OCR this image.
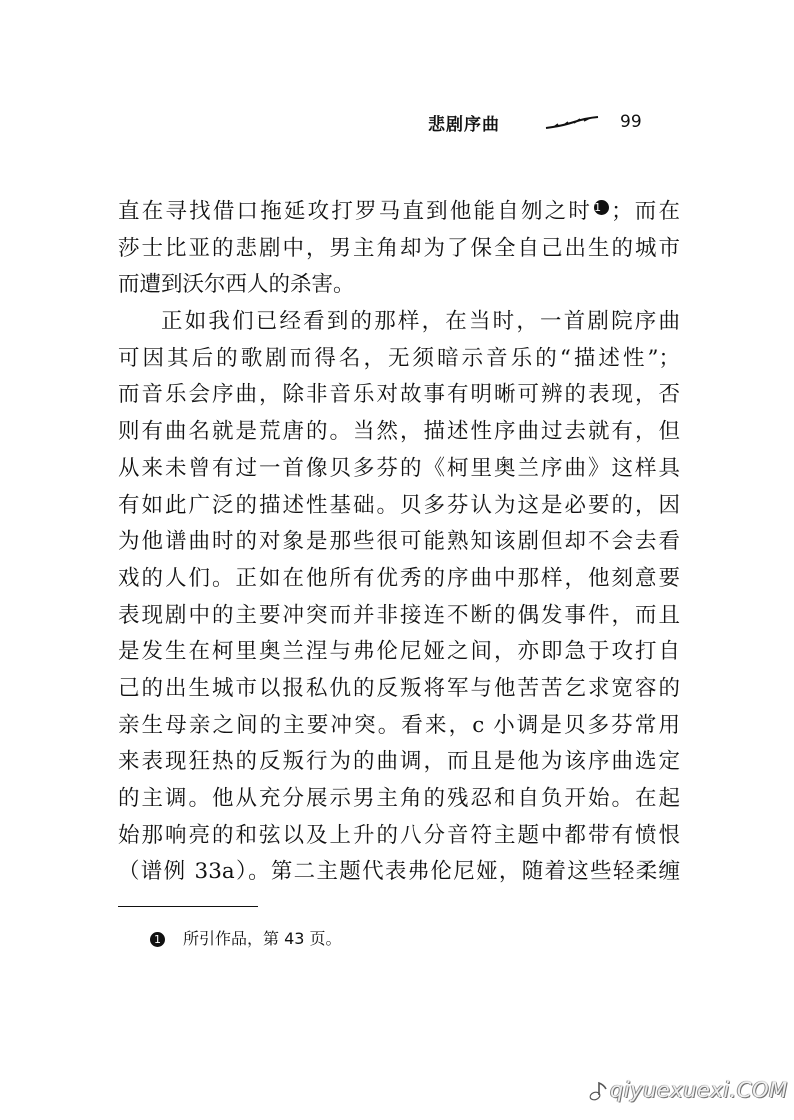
悲剧序曲	99
直在寻找借口拖延攻打罗马直到他能自刎之时 1 ；而在
莎士比亚的悲剧中，男主角却为了保全自己出生的城市
而遭到沃尔西人的杀害。
正如我们已经看到的那样，在当时，一首剧院序曲
可因其后的歌剧而得名，无须暗示音乐的“描述性”；
而音乐会序曲，除非音乐对故事有明晰可辨的表现，否
则有曲名就是荒唐的。当然，描述性序曲过去就有，但
从来未曾有过一首像贝多芬的《柯里奥兰序曲》这样具
有如此广泛的描述性基础。贝多芬认为这是必要的，因
为他谱曲时的对象是那些很可能熟知该剧但却不会去看
戏的人们。正如在他所有优秀的序曲中那样，他刻意要
表现剧中的主要冲突而并非接连不断的偶发事件，而且
是发生在柯里奥兰涅与弗伦尼娅之间，亦即急于攻打自
己的出生城市以报私仇的反叛将军与他苦苦乞求宽容的
亲生母亲之间的主要冲突。看来，c 小调是贝多芬常用
来表现狂热的反叛行为的曲调，而且是他为该序曲选定
的主调。他从充分展示男主角的残忍和自负开始。在起
始那响亮的和弦以及上升的八分音符主题中都带有愤恨
（谱例 33a）。第二主题代表弗伦尼娅，随着这些轻柔缠
1 所引作品，第 43 页。
qiyuexuexi.COM
